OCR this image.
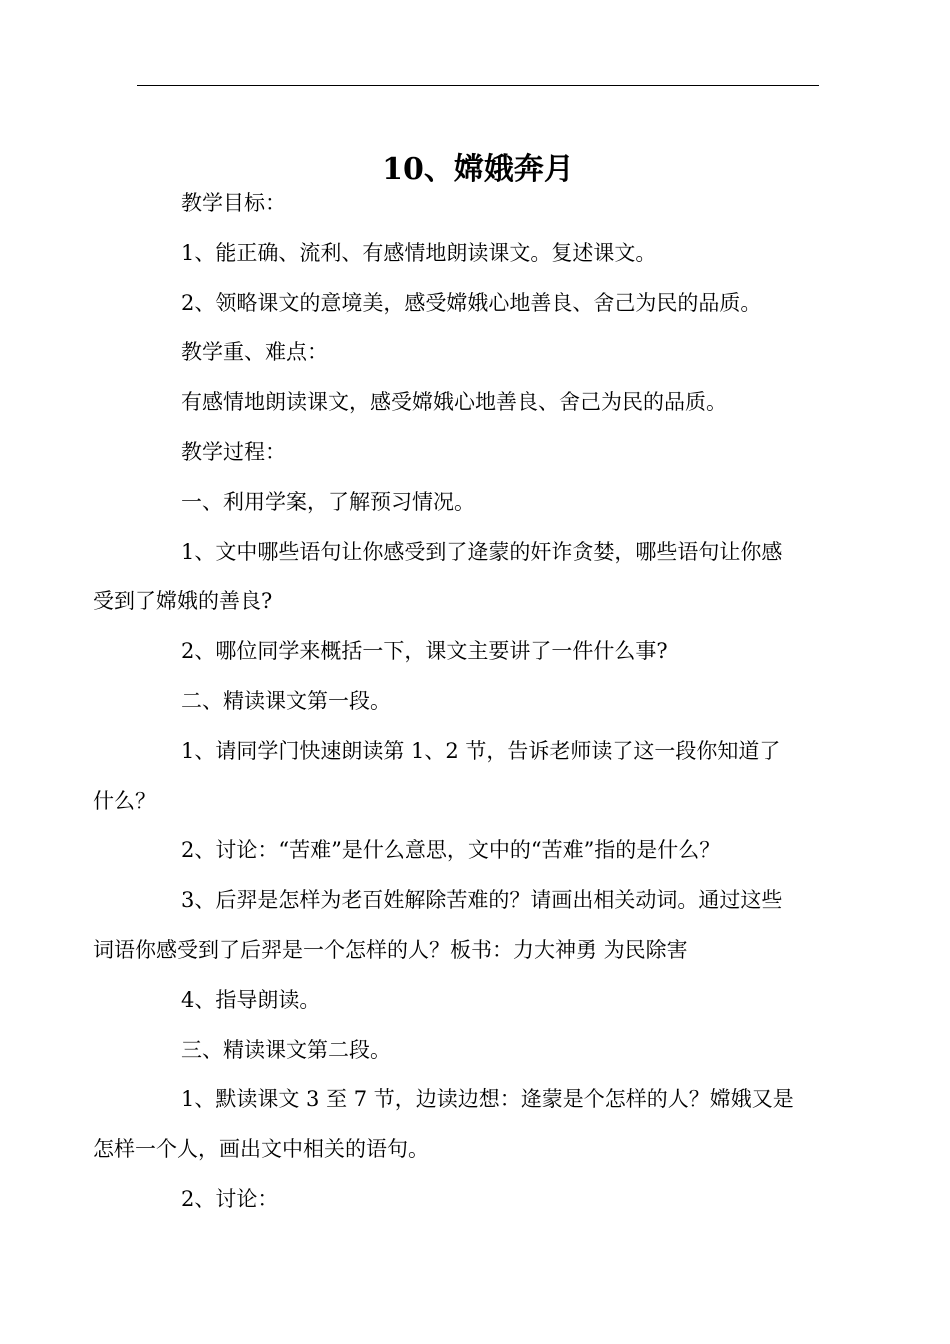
10、嫦娥奔月

教学目标：

1、能正确、流利、有感情地朗读课文。复述课文。

2、领略课文的意境美，感受嫦娥心地善良、舍己为民的品质。

教学重、难点：

有感情地朗读课文，感受嫦娥心地善良、舍己为民的品质。

教学过程：

一、利用学案，了解预习情况。

1、文中哪些语句让你感受到了逄蒙的奸诈贪婪，哪些语句让你感
受到了嫦娥的善良?

2、哪位同学来概括一下，课文主要讲了一件什么事?

二、精读课文第一段。

1、请同学门快速朗读第 1、2 节，告诉老师读了这一段你知道了
什么？

2、讨论：“苦难”是什么意思，文中的“苦难”指的是什么？

3、后羿是怎样为老百姓解除苦难的？请画出相关动词。通过这些
词语你感受到了后羿是一个怎样的人？板书：力大神勇 为民除害

4、指导朗读。

三、精读课文第二段。

1、默读课文 3 至 7 节，边读边想：逄蒙是个怎样的人？嫦娥又是
怎样一个人，画出文中相关的语句。

2、讨论：
